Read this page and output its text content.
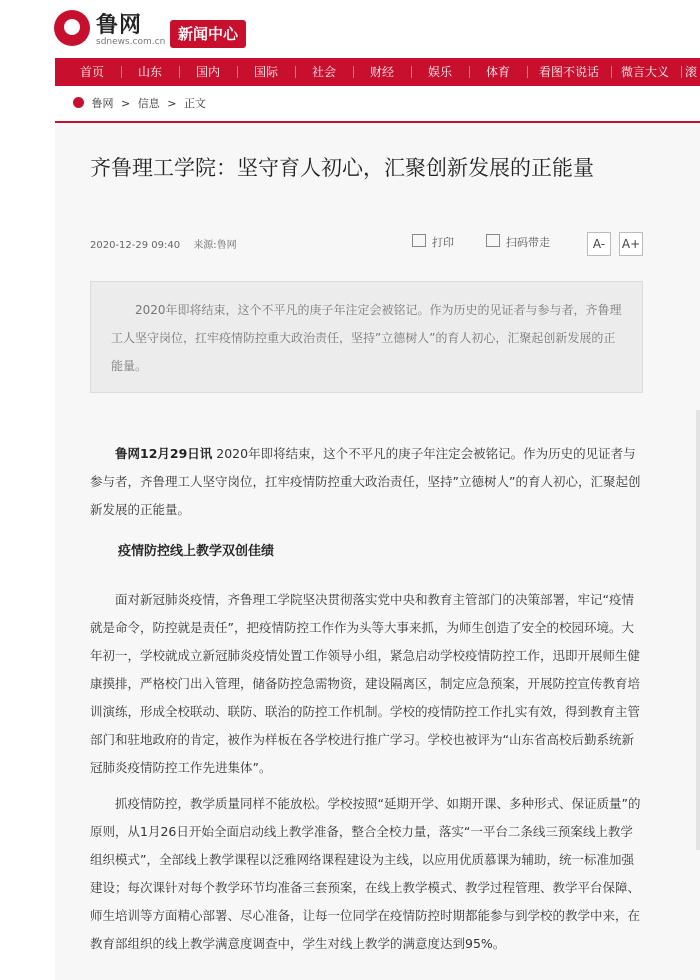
鲁网
sdnews.com.cn 新闻中心
首页	山东	国内	国际	社会	财经	娱乐	体育	看图不说话	微言大义	滚
鲁网 > 信息 > 正文
齐鲁理工学院：坚守育人初心，汇聚创新发展的正能量
2020-12-29 09:40 来源:鲁网	打印	扫码带走	A-	A+
2020年即将结束，这个不平凡的庚子年注定会被铭记。作为历史的见证者与参与者，齐鲁理工人坚守岗位，扛牢疫情防控重大政治责任，坚持”立德树人”的育人初心，汇聚起创新发展的正能量。
鲁网12月29日讯 2020年即将结束，这个不平凡的庚子年注定会被铭记。作为历史的见证者与参与者，齐鲁理工人坚守岗位，扛牢疫情防控重大政治责任，坚持”立德树人”的育人初心，汇聚起创新发展的正能量。
疫情防控线上教学双创佳绩
面对新冠肺炎疫情，齐鲁理工学院坚决贯彻落实党中央和教育主管部门的决策部署，牢记“疫情就是命令，防控就是责任”，把疫情防控工作作为头等大事来抓，为师生创造了安全的校园环境。大年初一，学校就成立新冠肺炎疫情处置工作领导小组，紧急启动学校疫情防控工作，迅即开展师生健康摸排，严格校门出入管理，储备防控急需物资，建设隔离区，制定应急预案，开展防控宣传教育培训演练，形成全校联动、联防、联治的防控工作机制。学校的疫情防控工作扎实有效，得到教育主管部门和驻地政府的肯定，被作为样板在各学校进行推广学习。学校也被评为“山东省高校后勤系统新冠肺炎疫情防控工作先进集体”。
抓疫情防控，教学质量同样不能放松。学校按照“延期开学、如期开课、多种形式、保证质量”的原则，从1月26日开始全面启动线上教学准备，整合全校力量，落实“一平台二条线三预案线上教学组织模式”，全部线上教学课程以泛雅网络课程建设为主线，以应用优质慕课为辅助，统一标准加强建设；每次课针对每个教学环节均准备三套预案，在线上教学模式、教学过程管理、教学平台保障、师生培训等方面精心部署、尽心准备，让每一位同学在疫情防控时期都能参与到学校的教学中来，在教育部组织的线上教学满意度调查中，学生对线上教学的满意度达到95%。
